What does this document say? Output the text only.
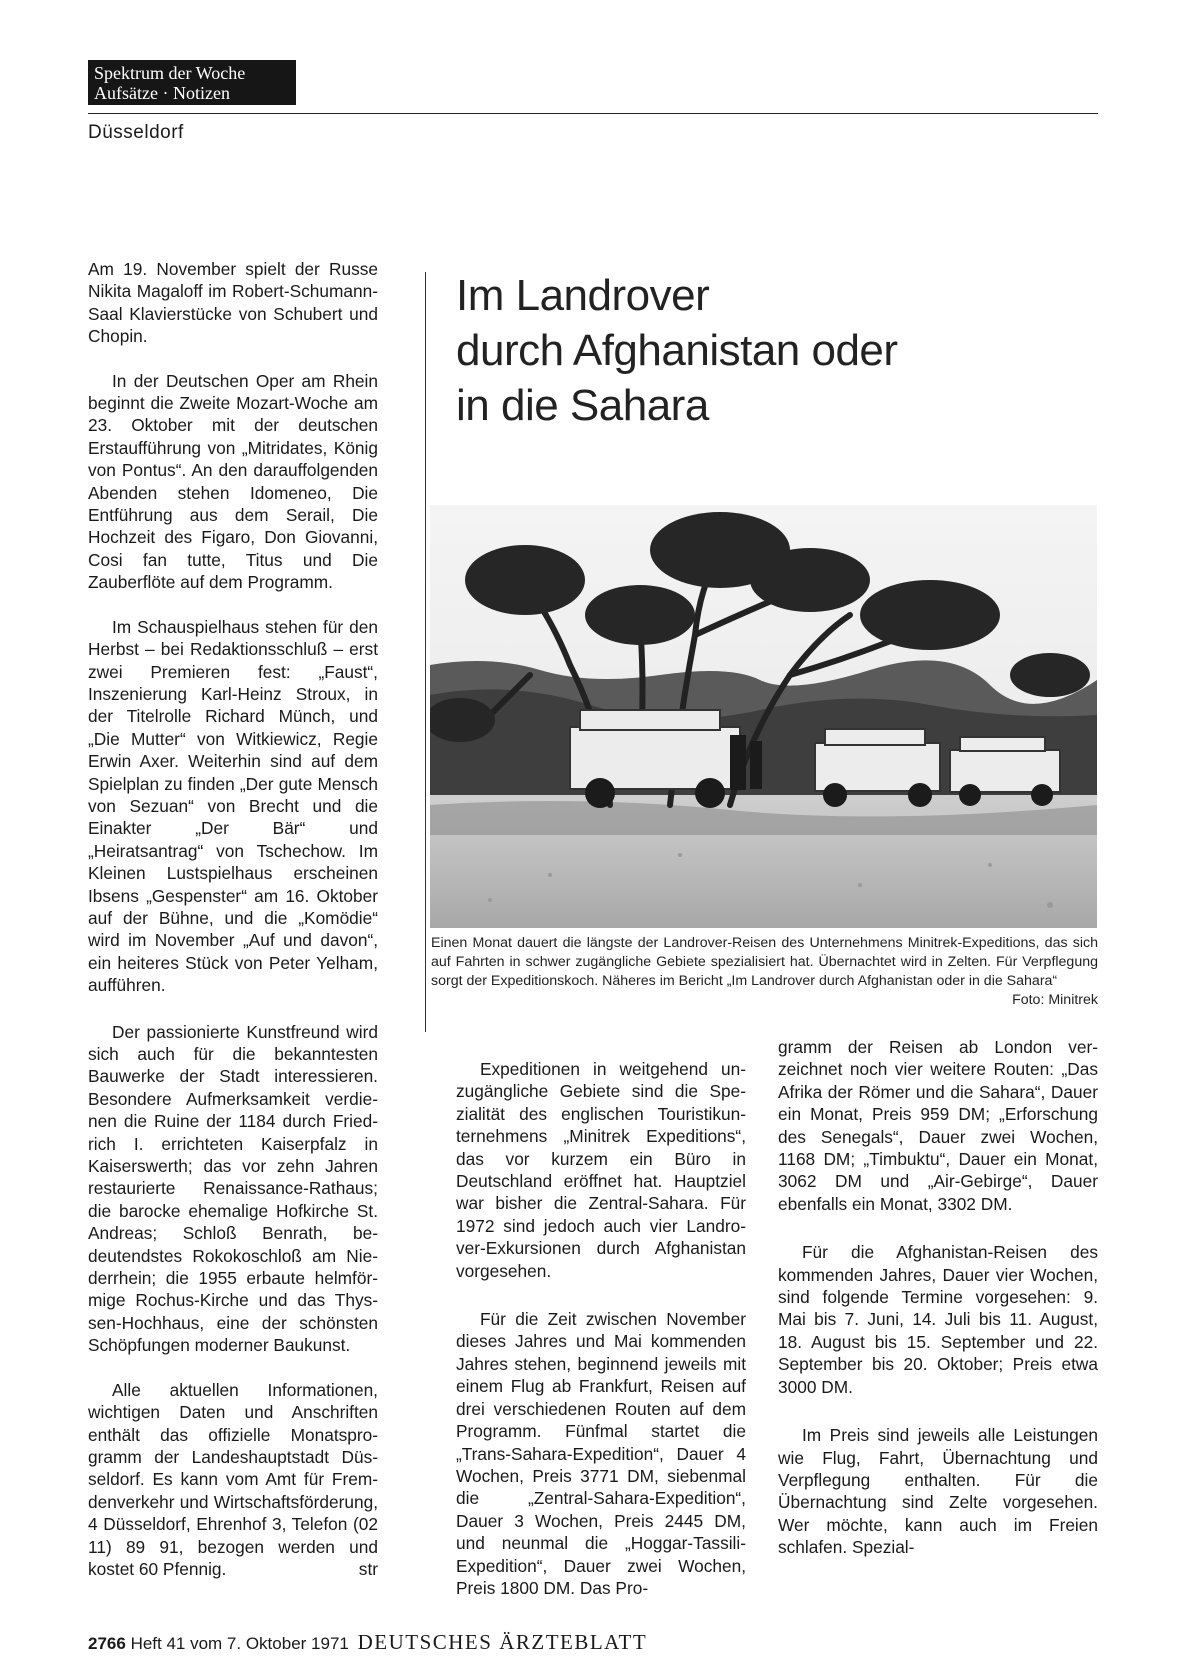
Spektrum der Woche
Aufsätze · Notizen
Düsseldorf

Am 19. November spielt der Russe Nikita Magaloff im Robert-Schumann-Saal Klavierstücke von Schubert und Chopin.

In der Deutschen Oper am Rhein beginnt die Zweite Mozart-Woche am 23. Oktober mit der deutschen Erstaufführung von „Mitridates, König von Pontus“. An den darauffolgenden Abenden stehen Idomeneo, Die Entführung aus dem Serail, Die Hochzeit des Figaro, Don Giovanni, Cosi fan tutte, Titus und Die Zauberflöte auf dem Programm.

Im Schauspielhaus stehen für den Herbst – bei Redaktionsschluß – erst zwei Premieren fest: „Faust“, Inszenierung Karl-Heinz Stroux, in der Titelrolle Richard Münch, und „Die Mutter“ von Witkiewicz, Regie Erwin Axer. Weiterhin sind auf dem Spielplan zu finden „Der gute Mensch von Sezuan“ von Brecht und die Einakter „Der Bär“ und „Heiratsantrag“ von Tschechow. Im Kleinen Lustspielhaus erscheinen Ibsens „Gespenster“ am 16. Oktober auf der Bühne, und die „Komödie“ wird im November „Auf und davon“, ein heiteres Stück von Peter Yelham, aufführen.

Der passionierte Kunstfreund wird sich auch für die bekanntesten Bauwerke der Stadt interessieren. Besondere Aufmerksamkeit verdienen die Ruine der 1184 durch Friedrich I. errichteten Kaiserpfalz in Kaiserswerth; das vor zehn Jahren restaurierte Renaissance-Rathaus; die barocke ehemalige Hofkirche St. Andreas; Schloß Benrath, bedeutendstes Rokokoschloß am Niederrhein; die 1955 erbaute helmförmige Rochus-Kirche und das Thyssen-Hochhaus, eine der schönsten Schöpfungen moderner Baukunst.

Alle aktuellen Informationen, wichtigen Daten und Anschriften enthält das offizielle Monatsprogramm der Landeshauptstadt Düsseldorf. Es kann vom Amt für Fremdenverkehr und Wirtschaftsförderung, 4 Düsseldorf, Ehrenhof 3, Telefon (02 11) 89 91, bezogen werden und kostet 60 Pfennig.	str

Im Landrover
durch Afghanistan oder
in die Sahara
Einen Monat dauert die längste der Landrover-Reisen des Unternehmens Minitrek-Expeditions, das sich auf Fahrten in schwer zugängliche Gebiete spezialisiert hat. Übernachtet wird in Zelten. Für Verpflegung sorgt der Expeditionskoch. Näheres im Bericht „Im Landrover durch Afghanistan oder in die Sahara“
Foto: Minitrek

Expeditionen in weitgehend unzugängliche Gebiete sind die Spezialität des englischen Touristikunternehmens „Minitrek Expeditions“, das vor kurzem ein Büro in Deutschland eröffnet hat. Hauptziel war bisher die Zentral-Sahara. Für 1972 sind jedoch auch vier Landrover-Exkursionen durch Afghanistan vorgesehen.

Für die Zeit zwischen November dieses Jahres und Mai kommenden Jahres stehen, beginnend jeweils mit einem Flug ab Frankfurt, Reisen auf drei verschiedenen Routen auf dem Programm. Fünfmal startet die „Trans-Sahara-Expedition“, Dauer 4 Wochen, Preis 3771 DM, siebenmal die „Zentral-Sahara-Expedition“, Dauer 3 Wochen, Preis 2445 DM, und neunmal die „Hoggar-Tassili-Expedition“, Dauer zwei Wochen, Preis 1800 DM. Das Pro-

gramm der Reisen ab London verzeichnet noch vier weitere Routen: „Das Afrika der Römer und die Sahara“, Dauer ein Monat, Preis 959 DM; „Erforschung des Senegals“, Dauer zwei Wochen, 1168 DM; „Timbuktu“, Dauer ein Monat, 3062 DM und „Air-Gebirge“, Dauer ebenfalls ein Monat, 3302 DM.

Für die Afghanistan-Reisen des kommenden Jahres, Dauer vier Wochen, sind folgende Termine vorgesehen: 9. Mai bis 7. Juni, 14. Juli bis 11. August, 18. August bis 15. September und 22. September bis 20. Oktober; Preis etwa 3000 DM.

Im Preis sind jeweils alle Leistungen wie Flug, Fahrt, Übernachtung und Verpflegung enthalten. Für die Übernachtung sind Zelte vorgesehen. Wer möchte, kann auch im Freien schlafen. Spezial-

2766 Heft 41 vom 7. Oktober 1971 DEUTSCHES ÄRZTEBLATT
